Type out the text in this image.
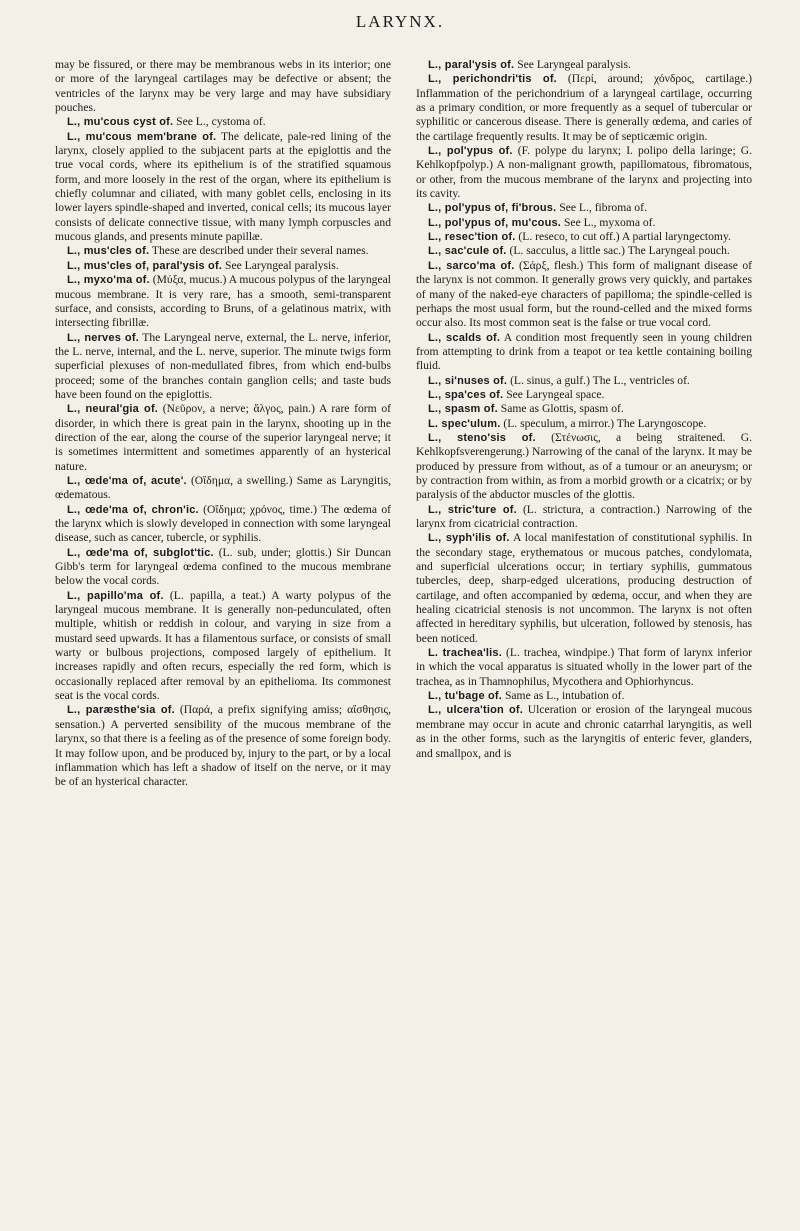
LARYNX.

may be fissured, or there may be membranous webs in its interior; one or more of the laryngeal cartilages may be defective or absent; the ventricles of the larynx may be very large and may have subsidiary pouches.

L., mu'cous cyst of. See L., cystoma of.

L., mu'cous mem'brane of. The delicate, pale-red lining of the larynx, closely applied to the subjacent parts at the epiglottis and the true vocal cords, where its epithelium is of the stratified squamous form, and more loosely in the rest of the organ, where its epithelium is chiefly columnar and ciliated, with many goblet cells, enclosing in its lower layers spindle-shaped and inverted, conical cells; its mucous layer consists of delicate connective tissue, with many lymph corpuscles and mucous glands, and presents minute papillæ.

L., mus'cles of. These are described under their several names.

L., mus'cles of, paral'ysis of. See Laryngeal paralysis.

L., myxo'ma of. (Μύξα, mucus.) A mucous polypus of the laryngeal mucous membrane. It is very rare, has a smooth, semi-transparent surface, and consists, according to Bruns, of a gelatinous matrix, with intersecting fibrillæ.

L., nerves of. The Laryngeal nerve, external, the L. nerve, inferior, the L. nerve, internal, and the L. nerve, superior. The minute twigs form superficial plexuses of non-medullated fibres, from which end-bulbs proceed; some of the branches contain ganglion cells; and taste buds have been found on the epiglottis.

L., neural'gia of. (Νεῦρον, a nerve; ἄλγος, pain.) A rare form of disorder, in which there is great pain in the larynx, shooting up in the direction of the ear, along the course of the superior laryngeal nerve; it is sometimes intermittent and sometimes apparently of an hysterical nature.

L., œde'ma of, acute'. (Οἴδημα, a swelling.) Same as Laryngitis, œdematous.

L., œde'ma of, chron'ic. (Οἴδημα; χρόνος, time.) The œdema of the larynx which is slowly developed in connection with some laryngeal disease, such as cancer, tubercle, or syphilis.

L., œde'ma of, subglot'tic. (L. sub, under; glottis.) Sir Duncan Gibb's term for laryngeal œdema confined to the mucous membrane below the vocal cords.

L., papillo'ma of. (L. papilla, a teat.) A warty polypus of the laryngeal mucous membrane. It is generally non-pedunculated, often multiple, whitish or reddish in colour, and varying in size from a mustard seed upwards. It has a filamentous surface, or consists of small warty or bulbous projections, composed largely of epithelium. It increases rapidly and often recurs, especially the red form, which is occasionally replaced after removal by an epithelioma. Its commonest seat is the vocal cords.

L., paræsthe'sia of. (Παρά, a prefix signifying amiss; αἴσθησις, sensation.) A perverted sensibility of the mucous membrane of the larynx, so that there is a feeling as of the presence of some foreign body. It may follow upon, and be produced by, injury to the part, or by a local inflammation which has left a shadow of itself on the nerve, or it may be of an hysterical character.

L., paral'ysis of. See Laryngeal paralysis.

L., perichondri'tis of. (Περί, around; χόνδρος, cartilage.) Inflammation of the perichondrium of a laryngeal cartilage, occurring as a primary condition, or more frequently as a sequel of tubercular or syphilitic or cancerous disease. There is generally œdema, and caries of the cartilage frequently results. It may be of septicæmic origin.

L., pol'ypus of. (F. polype du larynx; I. polipo della laringe; G. Kehlkopfpolyp.) A non-malignant growth, papillomatous, fibromatous, or other, from the mucous membrane of the larynx and projecting into its cavity.

L., pol'ypus of, fi'brous. See L., fibroma of.

L., pol'ypus of, mu'cous. See L., myxoma of.

L., resec'tion of. (L. reseco, to cut off.) A partial laryngectomy.

L., sac'cule of. (L. sacculus, a little sac.) The Laryngeal pouch.

L., sarco'ma of. (Σάρξ, flesh.) This form of malignant disease of the larynx is not common. It generally grows very quickly, and partakes of many of the naked-eye characters of papilloma; the spindle-celled is perhaps the most usual form, but the round-celled and the mixed forms occur also. Its most common seat is the false or true vocal cord.

L., scalds of. A condition most frequently seen in young children from attempting to drink from a teapot or tea kettle containing boiling fluid.

L., si'nuses of. (L. sinus, a gulf.) The L., ventricles of.

L., spa'ces of. See Laryngeal space.

L., spasm of. Same as Glottis, spasm of.

L. spec'ulum. (L. speculum, a mirror.) The Laryngoscope.

L., steno'sis of. (Στένωσις, a being straitened. G. Kehlkopfsverengerung.) Narrowing of the canal of the larynx. It may be produced by pressure from without, as of a tumour or an aneurysm; or by contraction from within, as from a morbid growth or a cicatrix; or by paralysis of the abductor muscles of the glottis.

L., stric'ture of. (L. strictura, a contraction.) Narrowing of the larynx from cicatricial contraction.

L., syph'ilis of. A local manifestation of constitutional syphilis. In the secondary stage, erythematous or mucous patches, condylomata, and superficial ulcerations occur; in tertiary syphilis, gummatous tubercles, deep, sharp-edged ulcerations, producing destruction of cartilage, and often accompanied by œdema, occur, and when they are healing cicatricial stenosis is not uncommon. The larynx is not often affected in hereditary syphilis, but ulceration, followed by stenosis, has been noticed.

L. trachea'lis. (L. trachea, windpipe.) That form of larynx inferior in which the vocal apparatus is situated wholly in the lower part of the trachea, as in Thamnophilus, Mycothera and Ophiorhyncus.

L., tu'bage of. Same as L., intubation of.

L., ulcera'tion of. Ulceration or erosion of the laryngeal mucous membrane may occur in acute and chronic catarrhal laryngitis, as well as in the other forms, such as the laryngitis of enteric fever, glanders, and smallpox, and is
